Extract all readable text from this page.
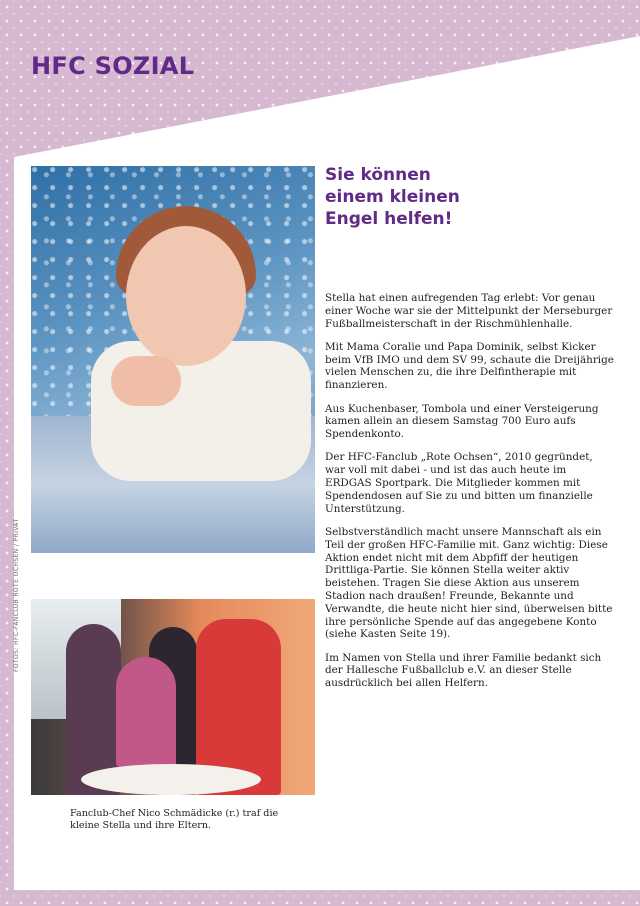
HFC SOZIAL

FOTOS: HFC-FANCLUB ROTE OCHSEN / PRIVAT

Fanclub-Chef Nico Schmädicke (r.) traf die kleine Stella und ihre Eltern.

Sie können
einem kleinen
Engel helfen!

Stella hat einen aufregenden Tag erlebt: Vor genau einer Woche war sie der Mittelpunkt der Merseburger Fußballmeisterschaft in der Rischmühlenhalle.

Mit Mama Coralie und Papa Dominik, selbst Kicker beim VfB IMO und dem SV 99, schaute die Dreijährige vielen Menschen zu, die ihre Delfintherapie mit finanzieren.

Aus Kuchenbaser, Tombola und einer Versteigerung kamen allein an diesem Samstag 700 Euro aufs Spendenkonto.

Der HFC-Fanclub „Rote Ochsen“, 2010 gegründet, war voll mit dabei - und ist das auch heute im ERDGAS Sportpark. Die Mitglieder kommen mit Spendendosen auf Sie zu und bitten um finanzielle Unterstützung.

Selbstverständlich macht unsere Mannschaft als ein Teil der großen HFC-Familie mit. Ganz wichtig: Diese Aktion endet nicht mit dem Abpfiff der heutigen Drittliga-Partie. Sie können Stella weiter aktiv beistehen. Tragen Sie diese Aktion aus unserem Stadion nach draußen! Freunde, Bekannte und Verwandte, die heute nicht hier sind, überweisen bitte ihre persönliche Spende auf das angegebene Konto (siehe Kasten Seite 19).

Im Namen von Stella und ihrer Familie bedankt sich der Hallesche Fußballclub e.V. an dieser Stelle ausdrücklich bei allen Helfern.
